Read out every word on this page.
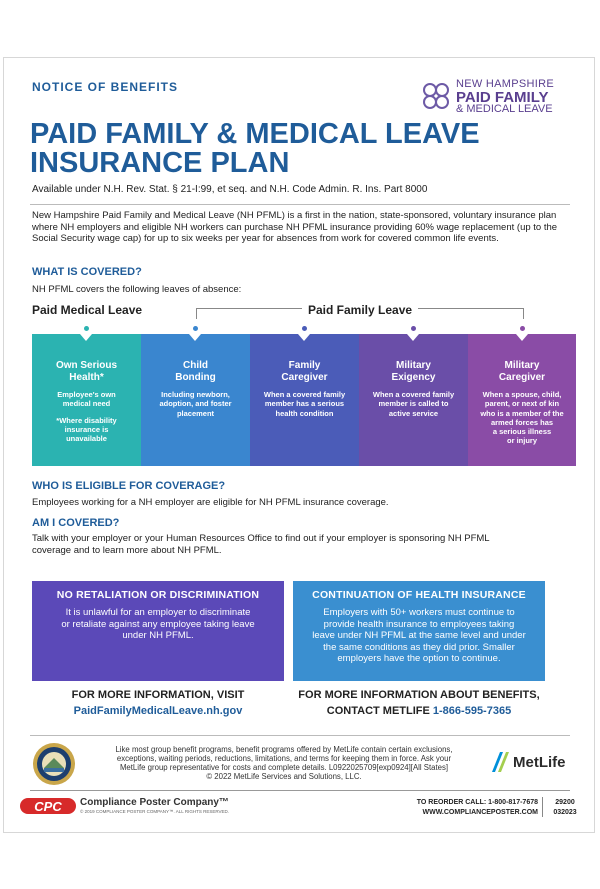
NOTICE OF BENEFITS	NEW HAMPSHIRE
PAID FAMILY
& MEDICAL LEAVE
PAID FAMILY & MEDICAL LEAVE
INSURANCE PLAN
Available under N.H. Rev. Stat. § 21-I:99, et seq. and N.H. Code Admin. R. Ins. Part 8000
New Hampshire Paid Family and Medical Leave (NH PFML) is a first in the nation, state-sponsored, voluntary insurance plan where NH employers and eligible NH workers can purchase NH PFML insurance providing 60% wage replacement (up to the Social Security wage cap) for up to six weeks per year for absences from work for covered common life events.
WHAT IS COVERED?
NH PFML covers the following leaves of absence:
Paid Medical Leave	Paid Family Leave
Own Serious
Health*
Employee's own
medical need
*Where disability
insurance is
unavailable
Child
Bonding
Including newborn,
adoption, and foster
placement
Family
Caregiver
When a covered family
member has a serious
health condition
Military
Exigency
When a covered family
member is called to
active service
Military
Caregiver
When a spouse, child,
parent, or next of kin
who is a member of the
armed forces has
a serious illness
or injury
WHO IS ELIGIBLE FOR COVERAGE?
Employees working for a NH employer are eligible for NH PFML insurance coverage.
AM I COVERED?
Talk with your employer or your Human Resources Office to find out if your employer is sponsoring NH PFML
coverage and to learn more about NH PFML.
NO RETALIATION OR DISCRIMINATION
It is unlawful for an employer to discriminate
or retaliate against any employee taking leave
under NH PFML.
CONTINUATION OF HEALTH INSURANCE
Employers with 50+ workers must continue to
provide health insurance to employees taking
leave under NH PFML at the same level and under
the same conditions as they did prior. Smaller
employers have the option to continue.
FOR MORE INFORMATION, VISIT
PaidFamilyMedicalLeave.nh.gov
FOR MORE INFORMATION ABOUT BENEFITS,
CONTACT METLIFE 1-866-595-7365
Like most group benefit programs, benefit programs offered by MetLife contain certain exclusions,
exceptions, waiting periods, reductions, limitations, and terms for keeping them in force. Ask your
MetLife group representative for costs and complete details. L0922025709[exp0924][All States]
© 2022 MetLife Services and Solutions, LLC.
MetLife
CPC Compliance Poster Company™
© 2019 COMPLIANCE POSTER COMPANY™. ALL RIGHTS RESERVED.
TO REORDER CALL: 1-800-817-7678
WWW.COMPLIANCEPOSTER.COM
29200
032023
